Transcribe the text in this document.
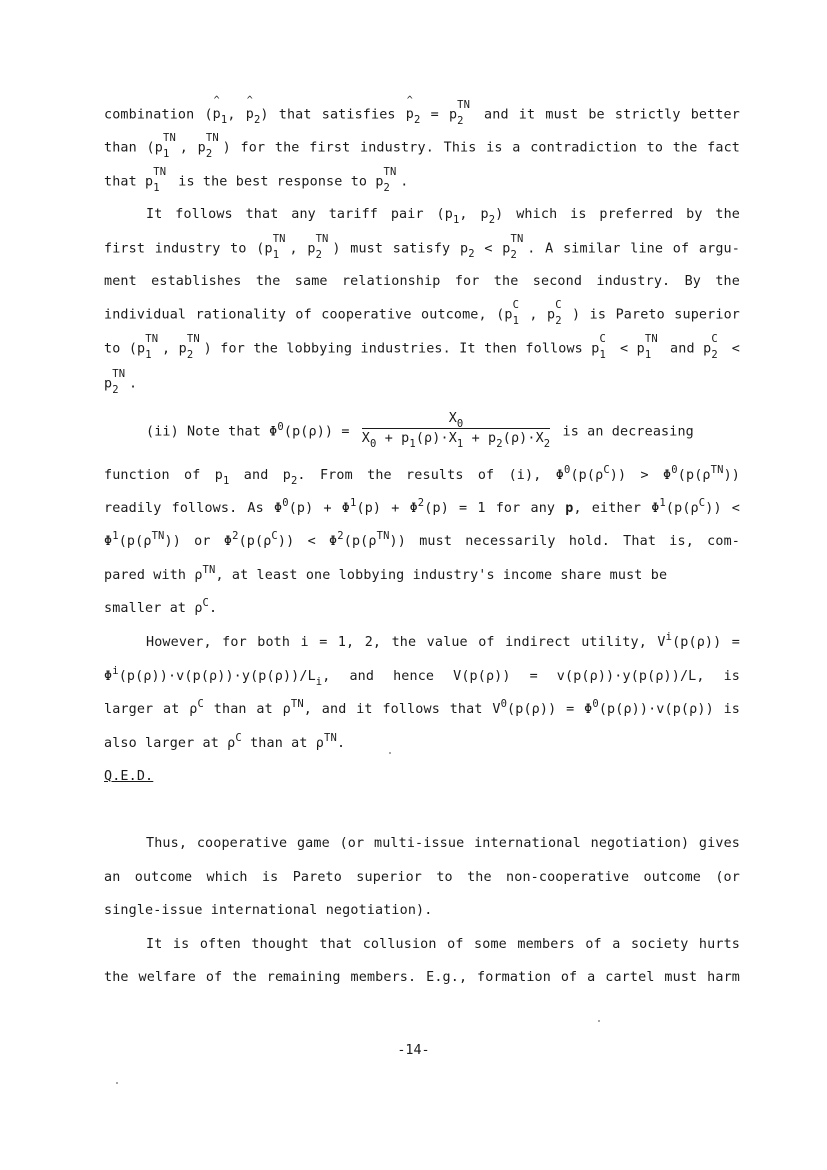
combination (^ $p_1$, ^ $p_2$) that satisfies ^ $p_2 = p$
TN
2 and it must be strictly better
than (p
TN
1 , p
TN
2 ) for the first industry. This is a contradiction to the fact
that p
TN
1 is the best response to p
TN
2 .
It follows that any tariff pair ($p_1$, $p_2$) which is preferred by the
first industry to (p
TN
1 , p
TN
2 ) must satisfy $p_2 < p$
TN
2 . A similar line of argu-
ment establishes the same relationship for the second industry. By the
individual rationality of cooperative outcome, (p
C
1 , p
C
2 ) is Pareto superior
to (p
TN
1 , p
TN
2 ) for the lobbying industries. It then follows p
C
1 < p
TN
1 and p
C
2 <
p
TN
2 .
(ii) Note that $\Phi^0(p(\rho)) = \frac{X_0}{X_0 + p_1(\rho)\cdot X_1 + p_2(\rho)\cdot X_2}$ is an decreasing
function of $p_1$ and $p_2$. From the results of (i), $\Phi^0(p(\rho^C)) > \Phi^0(p(\rho^{TN}))$
readily follows. As $\Phi^0(p) + \Phi^1(p) + \Phi^2(p) = 1$ for any p, either $\Phi^1(p(\rho^C))$ <
$\Phi^1(p(\rho^{TN}))$ or $\Phi^2(p(\rho^C)) < \Phi^2(p(\rho^{TN}))$ must necessarily hold. That is, com-
pared with $\rho^{TN}$, at least one lobbying industry's income share must be
smaller at $\rho^C$.
However, for both i = 1, 2, the value of indirect utility, $V^i(p(\rho))$ =
$\Phi^i(p(\rho))\cdot v(p(\rho))\cdot y(p(\rho))/L_i$, and hence V(p(ρ)) = v(p(ρ))·y(p(ρ))/L, is
larger at $\rho^C$ than at $\rho^{TN}$, and it follows that $V^0(p(\rho)) = \Phi^0(p(\rho))\cdot v(p(\rho))$ is
also larger at $\rho^C$ than at $\rho^{TN}$.
Q.E.D.
Thus, cooperative game (or multi-issue international negotiation) gives
an outcome which is Pareto superior to the non-cooperative outcome (or
single-issue international negotiation).
It is often thought that collusion of some members of a society hurts
the welfare of the remaining members. E.g., formation of a cartel must harm
-14-
